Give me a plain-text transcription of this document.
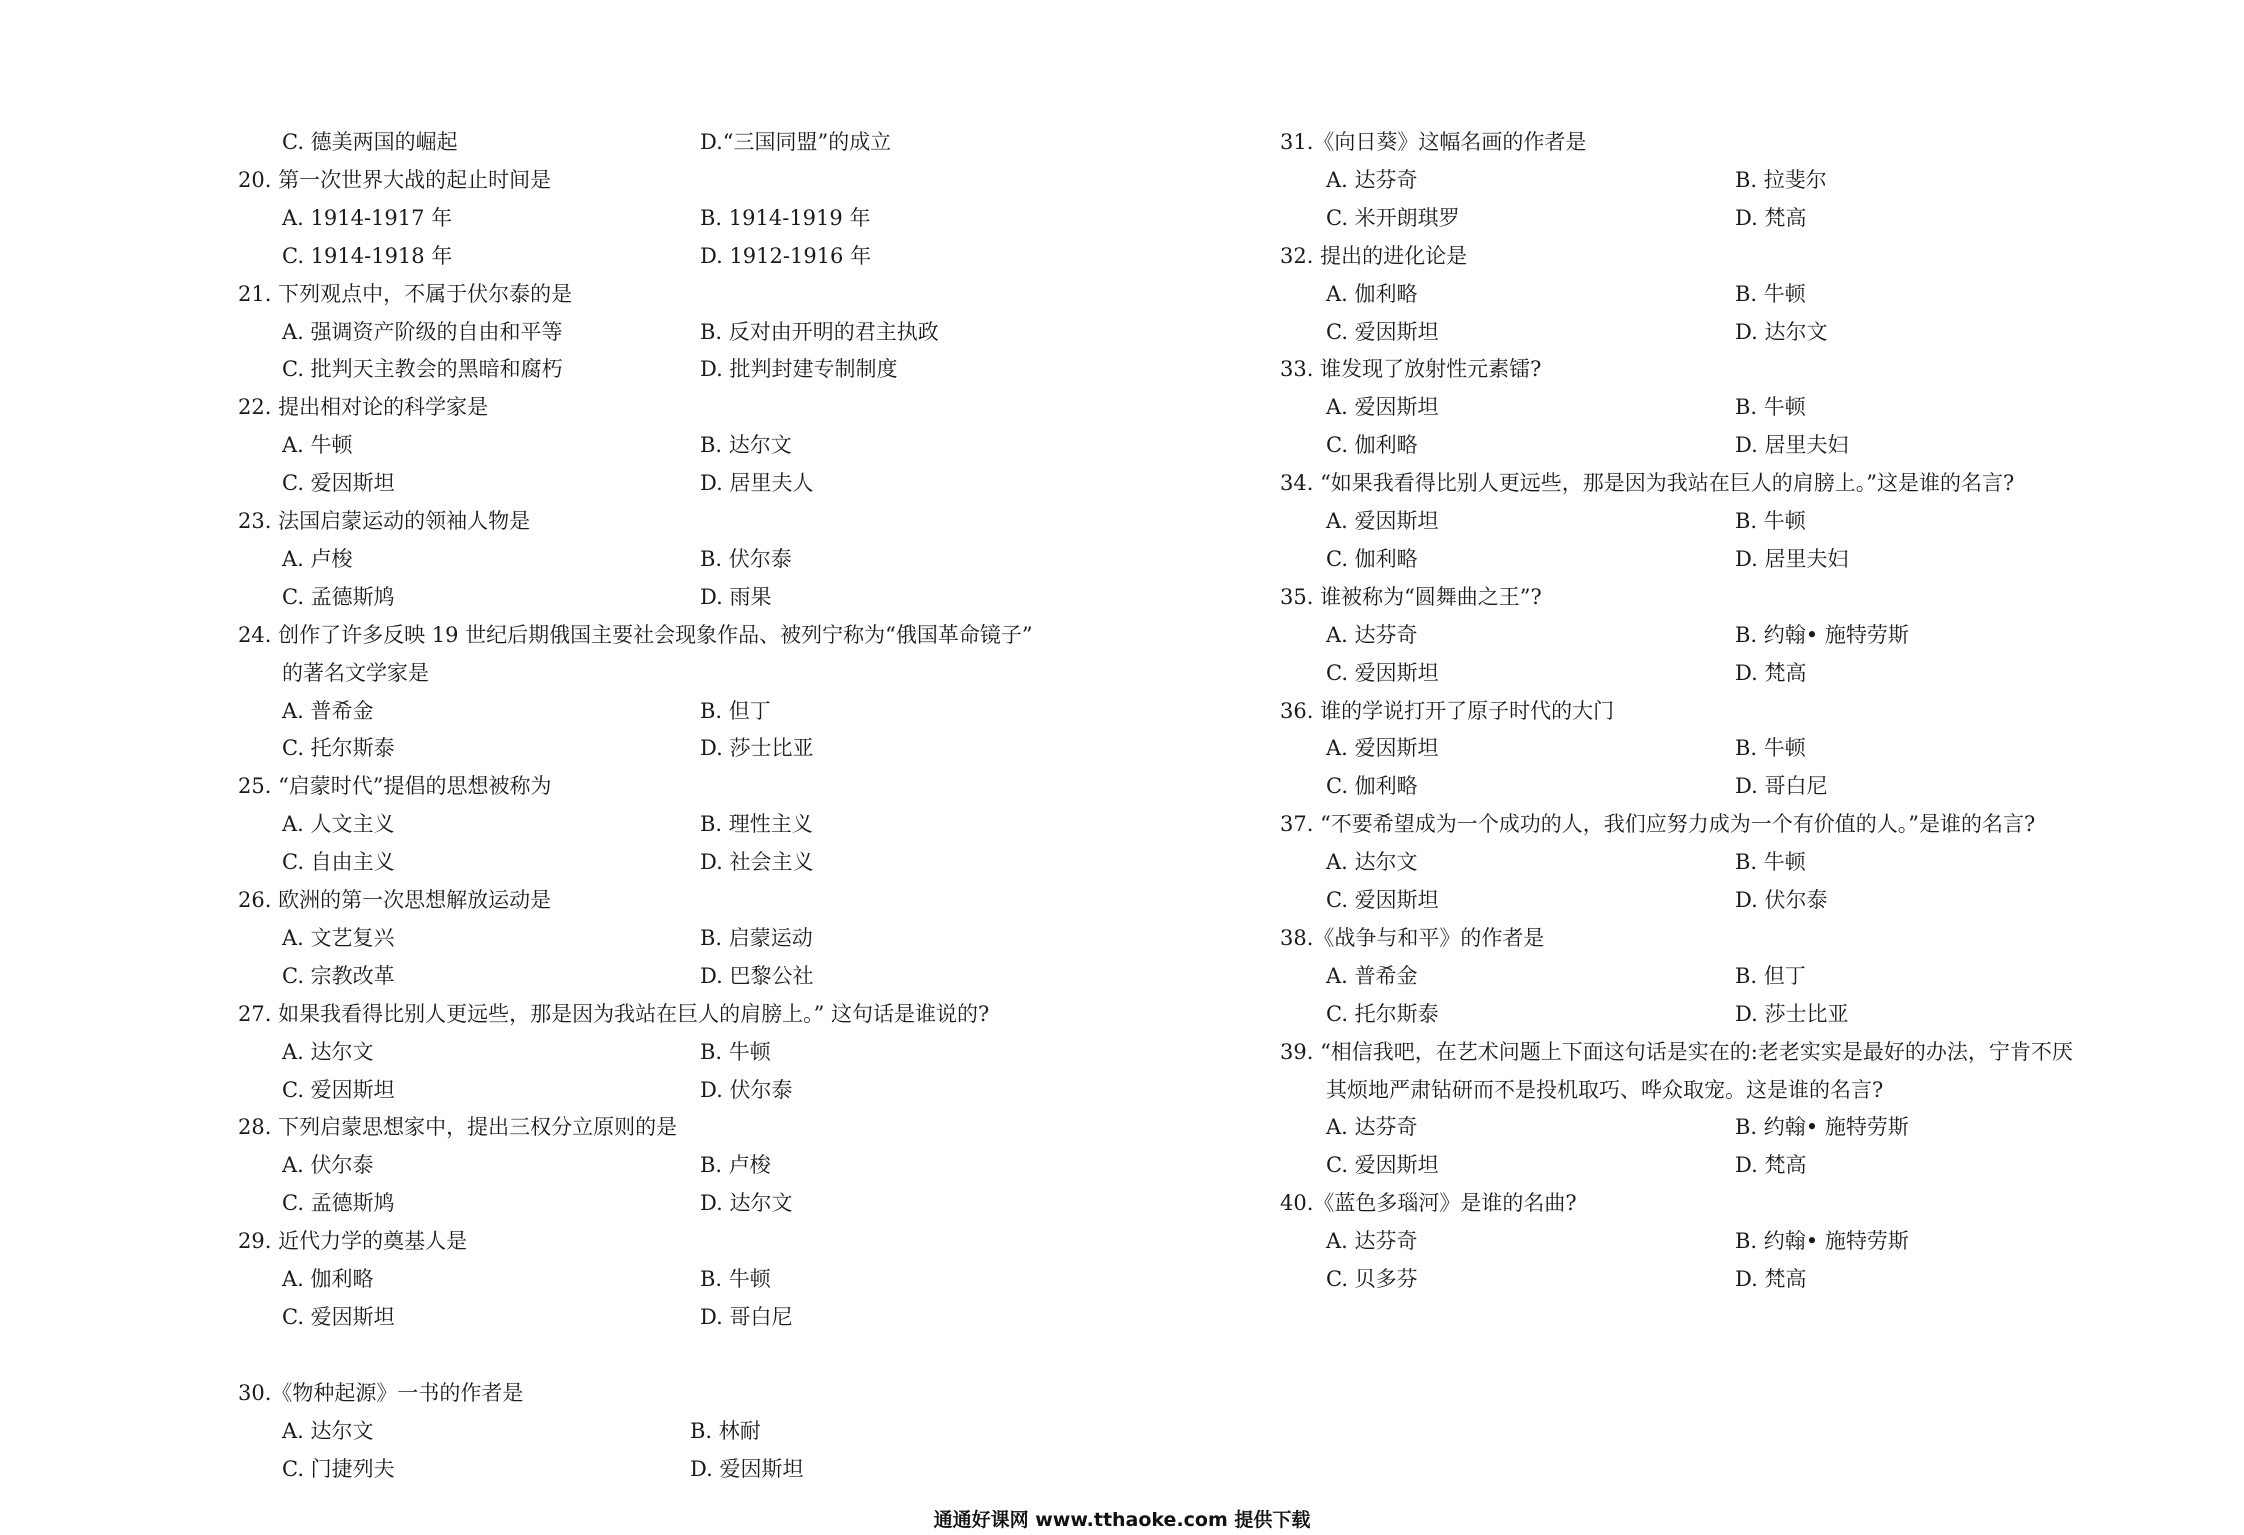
C. 德美两国的崛起	D.“三国同盟”的成立
20. 第一次世界大战的起止时间是
A. 1914-1917 年	B. 1914-1919 年
C. 1914-1918 年	D. 1912-1916 年
21. 下列观点中，不属于伏尔泰的是
A. 强调资产阶级的自由和平等	B. 反对由开明的君主执政
C. 批判天主教会的黑暗和腐朽	D. 批判封建专制制度
22. 提出相对论的科学家是
A. 牛顿	B. 达尔文
C. 爱因斯坦	D. 居里夫人
23. 法国启蒙运动的领袖人物是
A. 卢梭	B. 伏尔泰
C. 孟德斯鸠	D. 雨果
24. 创作了许多反映 19 世纪后期俄国主要社会现象作品、被列宁称为“俄国革命镜子”
的著名文学家是
A. 普希金	B. 但丁
C. 托尔斯泰	D. 莎士比亚
25. “启蒙时代”提倡的思想被称为
A. 人文主义	B. 理性主义
C. 自由主义	D. 社会主义
26. 欧洲的第一次思想解放运动是
A. 文艺复兴	B. 启蒙运动
C. 宗教改革	D. 巴黎公社
27. 如果我看得比别人更远些，那是因为我站在巨人的肩膀上。” 这句话是谁说的?
A. 达尔文	B. 牛顿
C. 爱因斯坦	D. 伏尔泰
28. 下列启蒙思想家中，提出三权分立原则的是
A. 伏尔泰	B. 卢梭
C. 孟德斯鸠	D. 达尔文
29. 近代力学的奠基人是
A. 伽利略	B. 牛顿
C. 爱因斯坦	D. 哥白尼
30.《物种起源》一书的作者是
A. 达尔文	B. 林耐
C. 门捷列夫	D. 爱因斯坦
31.《向日葵》这幅名画的作者是
A. 达芬奇	B. 拉斐尔
C. 米开朗琪罗	D. 梵高
32. 提出的进化论是
A. 伽利略	B. 牛顿
C. 爱因斯坦	D. 达尔文
33. 谁发现了放射性元素镭?
A. 爱因斯坦	B. 牛顿
C. 伽利略	D. 居里夫妇
34. “如果我看得比别人更远些，那是因为我站在巨人的肩膀上。”这是谁的名言?
A. 爱因斯坦	B. 牛顿
C. 伽利略	D. 居里夫妇
35. 谁被称为“圆舞曲之王”?
A. 达芬奇	B. 约翰• 施特劳斯
C. 爱因斯坦	D. 梵高
36. 谁的学说打开了原子时代的大门
A. 爱因斯坦	B. 牛顿
C. 伽利略	D. 哥白尼
37. “不要希望成为一个成功的人，我们应努力成为一个有价值的人。”是谁的名言?
A. 达尔文	B. 牛顿
C. 爱因斯坦	D. 伏尔泰
38.《战争与和平》的作者是
A. 普希金	B. 但丁
C. 托尔斯泰	D. 莎士比亚
39. “相信我吧，在艺术问题上下面这句话是实在的:老老实实是最好的办法，宁肯不厌
其烦地严肃钻研而不是投机取巧、哗众取宠。这是谁的名言?
A. 达芬奇	B. 约翰• 施特劳斯
C. 爱因斯坦	D. 梵高
40.《蓝色多瑙河》是谁的名曲?
A. 达芬奇	B. 约翰• 施特劳斯
C. 贝多芬	D. 梵高
通通好课网 www.tthaoke.com 提供下载
